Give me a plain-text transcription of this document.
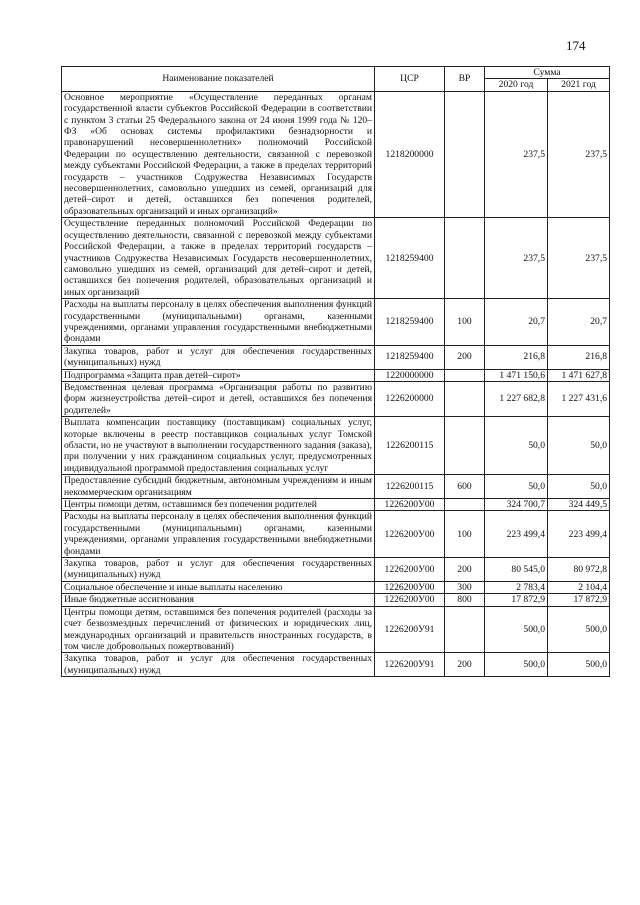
174
Наименование показателей	ЦСР	ВР	Сумма	
			2020 год	2021 год
Основное мероприятие «Осуществление переданных органам государственной власти субъектов Российской Федерации в соответствии с пунктом 3 статьи 25 Федерального закона от 24 июня 1999 года № 120–ФЗ «Об основах системы профилактики безнадзорности и правонарушений несовершеннолетних» полномочий Российской Федерации по осуществлению деятельности, связанной с перевозкой между субъектами Российской Федерации, а также в пределах территорий государств – участников Содружества Независимых Государств несовершеннолетних, самовольно ушедших из семей, организаций для детей–сирот и детей, оставшихся без попечения родителей, образовательных организаций и иных организаций»	1218200000		237,5	237,5
Осуществление переданных полномочий Российской Федерации по осуществлению деятельности, связанной с перевозкой между субъектами Российской Федерации, а также в пределах территорий государств – участников Содружества Независимых Государств несовершеннолетних, самовольно ушедших из семей, организаций для детей–сирот и детей, оставшихся без попечения родителей, образовательных организаций и иных организаций	1218259400		237,5	237,5
Расходы на выплаты персоналу в целях обеспечения выполнения функций государственными (муниципальными) органами, казенными учреждениями, органами управления государственными внебюджетными фондами	1218259400	100	20,7	20,7
Закупка товаров, работ и услуг для обеспечения государственных (муниципальных) нужд	1218259400	200	216,8	216,8
Подпрограмма «Защита прав детей–сирот»	1220000000		1 471 150,6	1 471 627,8
Ведомственная целевая программа «Организация работы по развитию форм жизнеустройства детей–сирот и детей, оставшихся без попечения родителей»	1226200000		1 227 682,8	1 227 431,6
Выплата компенсации поставщику (поставщикам) социальных услуг, которые включены в реестр поставщиков социальных услуг Томской области, но не участвуют в выполнении государственного задания (заказа), при получении у них гражданином социальных услуг, предусмотренных индивидуальной программой предоставления социальных услуг	1226200115		50,0	50,0
Предоставление субсидий бюджетным, автономным учреждениям и иным некоммерческим организациям	1226200115	600	50,0	50,0
Центры помощи детям, оставшимся без попечения родителей	1226200У00		324 700,7	324 449,5
Расходы на выплаты персоналу в целях обеспечения выполнения функций государственными (муниципальными) органами, казенными учреждениями, органами управления государственными внебюджетными фондами	1226200У00	100	223 499,4	223 499,4
Закупка товаров, работ и услуг для обеспечения государственных (муниципальных) нужд	1226200У00	200	80 545,0	80 972,8
Социальное обеспечение и иные выплаты населению	1226200У00	300	2 783,4	2 104,4
Иные бюджетные ассигнования	1226200У00	800	17 872,9	17 872,9
Центры помощи детям, оставшимся без попечения родителей (расходы за счет безвозмездных перечислений от физических и юридических лиц, международных организаций и правительств иностранных государств, в том числе добровольных пожертвований)	1226200У91		500,0	500,0
Закупка товаров, работ и услуг для обеспечения государственных (муниципальных) нужд	1226200У91	200	500,0	500,0
